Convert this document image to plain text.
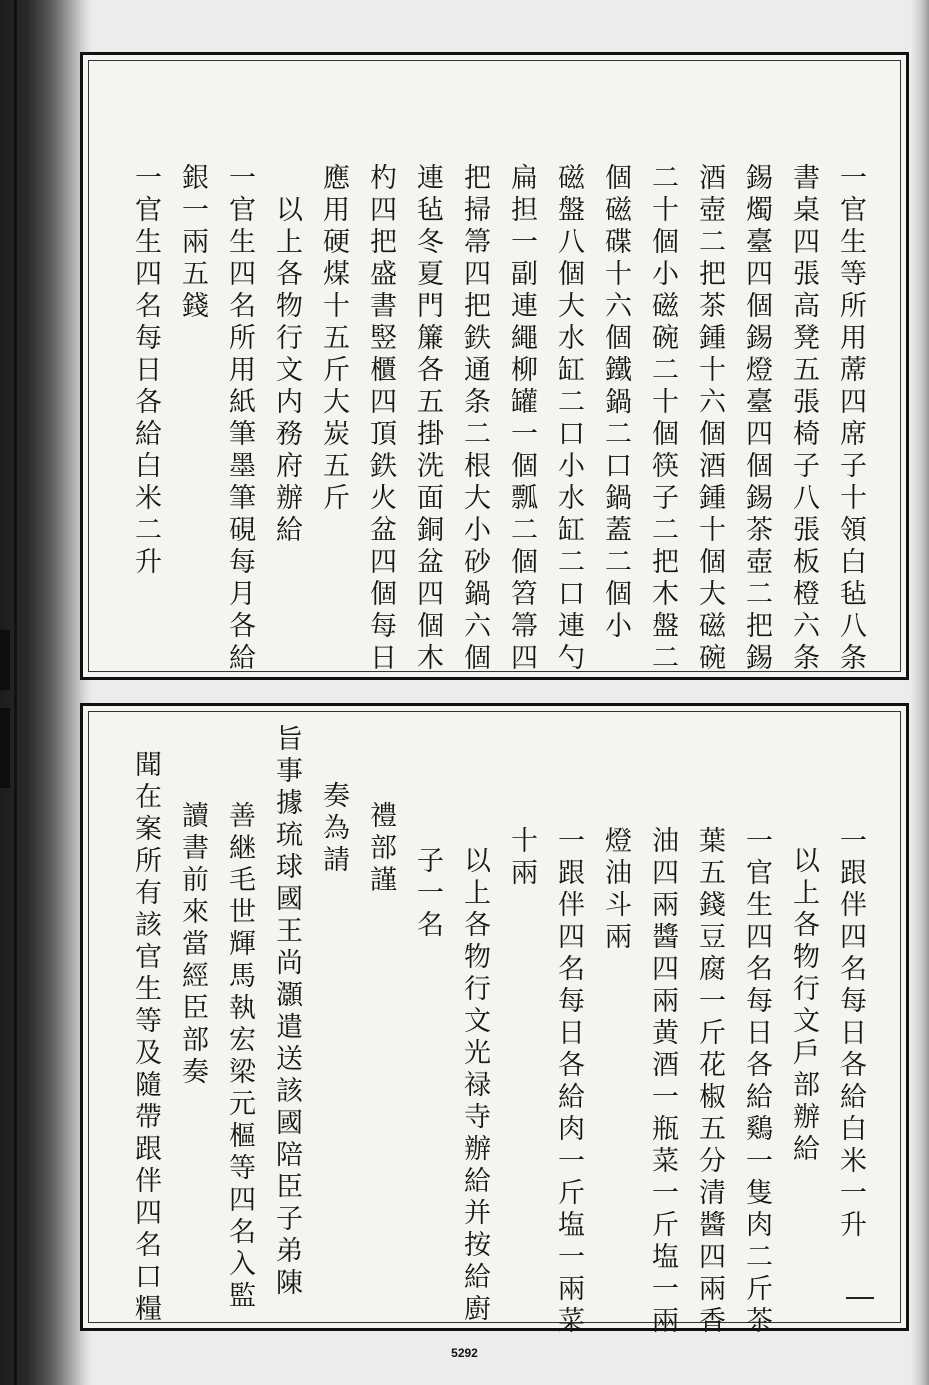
一官生等所用蓆四席子十領白毡八条
書桌四張高凳五張椅子八張板橙六条
錫燭臺四個錫燈臺四個錫茶壺二把錫
酒壺二把茶鍾十六個酒鍾十個大磁碗
二十個小磁碗二十個筷子二把木盤二
個磁碟十六個鐵鍋二口鍋蓋二個小
磁盤八個大水缸二口小水缸二口連勺
扁担一副連繩柳罐一個瓢二個笤箒四
把掃箒四把鉄通条二根大小砂鍋六個
連毡冬夏門簾各五掛洗面銅盆四個木
杓四把盛書竪櫃四頂鉄火盆四個每日
應用硬煤十五斤大炭五斤
以上各物行文内務府辦給
一官生四名所用紙筆墨筆硯每月各給
銀一兩五錢
一官生四名每日各給白米二升
一跟伴四名每日各給白米一升
以上各物行文戶部辦給
一官生四名每日各給鷄一隻肉二斤茶
葉五錢豆腐一斤花椒五分清醬四兩香
油四兩醬四兩黄酒一瓶菜一斤塩一兩
燈油斗兩
一跟伴四名每日各給肉一斤塩一兩菜
十兩
以上各物行文光禄寺辦給并按給廚
子一名
禮部謹
奏為請
旨事據琉球國王尚灝遣送該國陪臣子弟陳
善継毛世輝馬執宏梁元樞等四名入監
讀書前來當經臣部奏
聞在案所有該官生等及隨帶跟伴四名口糧
5292
